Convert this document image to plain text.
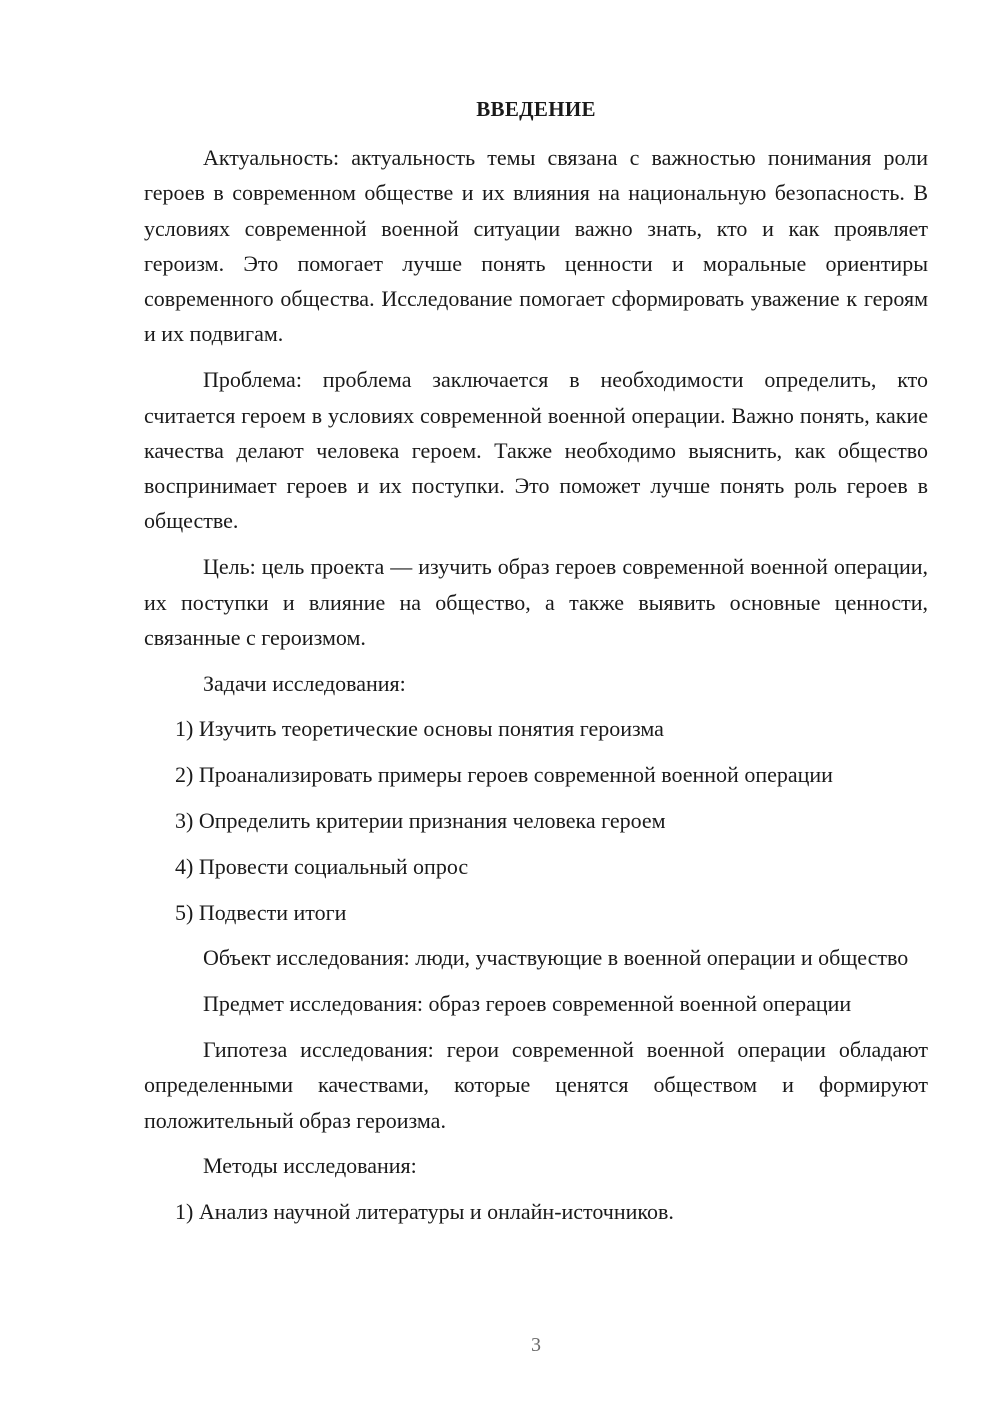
ВВЕДЕНИЕ

Актуальность: актуальность темы связана с важностью понимания роли героев в современном обществе и их влияния на национальную безопасность. В условиях современной военной ситуации важно знать, кто и как проявляет героизм. Это помогает лучше понять ценности и моральные ориентиры современного общества. Исследование помогает сформировать уважение к героям и их подвигам.

Проблема: проблема заключается в необходимости определить, кто считается героем в условиях современной военной операции. Важно понять, какие качества делают человека героем. Также необходимо выяснить, как общество воспринимает героев и их поступки. Это поможет лучше понять роль героев в обществе.

Цель: цель проекта — изучить образ героев современной военной операции, их поступки и влияние на общество, а также выявить основные ценности, связанные с героизмом.

Задачи исследования:

1) Изучить теоретические основы понятия героизма

2) Проанализировать примеры героев современной военной операции

3) Определить критерии признания человека героем

4) Провести социальный опрос

5) Подвести итоги

Объект исследования: люди, участвующие в военной операции и общество

Предмет исследования: образ героев современной военной операции

Гипотеза исследования: герои современной военной операции обладают определенными качествами, которые ценятся обществом и формируют положительный образ героизма.

Методы исследования:

1) Анализ научной литературы и онлайн-источников.

3
